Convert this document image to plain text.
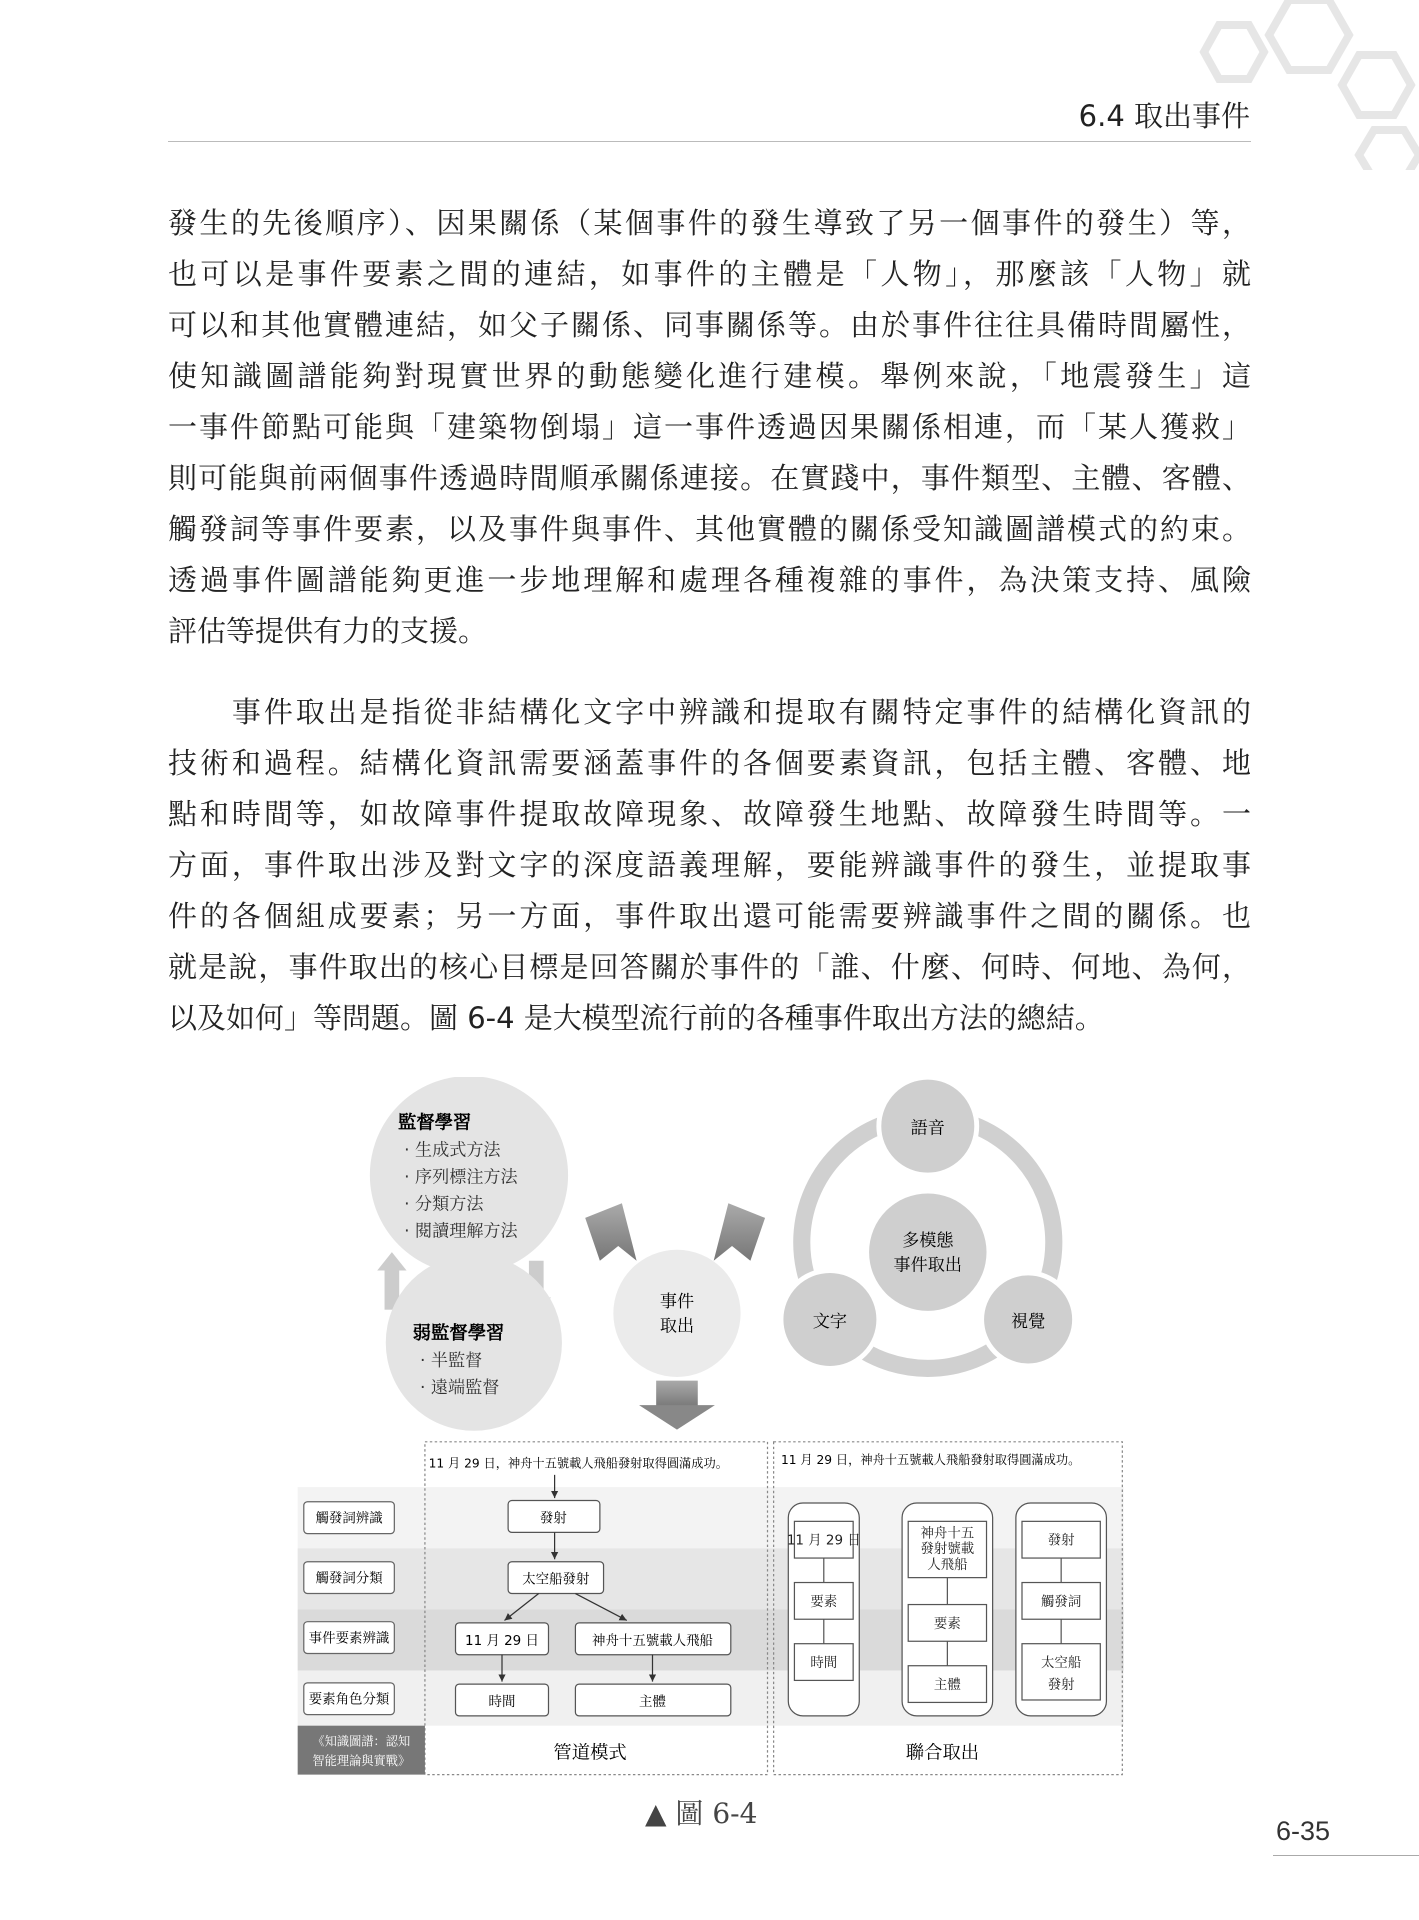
6.4 取出事件
發生的先後順序）、因果關係（某個事件的發生導致了另一個事件的發生）等，
也可以是事件要素之間的連結，如事件的主體是「人物」，那麼該「人物」就
可以和其他實體連結，如父子關係、同事關係等。由於事件往往具備時間屬性，
使知識圖譜能夠對現實世界的動態變化進行建模。舉例來說，「地震發生」這
一事件節點可能與「建築物倒塌」這一事件透過因果關係相連，而「某人獲救」
則可能與前兩個事件透過時間順承關係連接。在實踐中，事件類型、主體、客體、
觸發詞等事件要素，以及事件與事件、其他實體的關係受知識圖譜模式的約束。
透過事件圖譜能夠更進一步地理解和處理各種複雜的事件，為決策支持、風險
評估等提供有力的支援。
　　事件取出是指從非結構化文字中辨識和提取有關特定事件的結構化資訊的
技術和過程。結構化資訊需要涵蓋事件的各個要素資訊，包括主體、客體、地
點和時間等，如故障事件提取故障現象、故障發生地點、故障發生時間等。一
方面，事件取出涉及對文字的深度語義理解，要能辨識事件的發生，並提取事
件的各個組成要素；另一方面，事件取出還可能需要辨識事件之間的關係。也
就是說，事件取出的核心目標是回答關於事件的「誰、什麼、何時、何地、為何，
以及如何」等問題。圖 6-4 是大模型流行前的各種事件取出方法的總結。
監督學習
· 生成式方法
· 序列標注方法
· 分類方法
· 閱讀理解方法
弱監督學習
· 半監督
· 遠端監督
事件
取出
語音
多模態
事件取出
文字	視覺
11 月 29 日，神舟十五號載人飛船發射取得圓滿成功。	11 月 29 日，神舟十五號載人飛船發射取得圓滿成功。
觸發詞辨識
觸發詞分類
事件要素辨識
要素角色分類
《知識圖譜：認知
智能理論與實戰》
發射
太空船發射
11 月 29 日	神舟十五號載人飛船
時間	主體
管道模式
11 月 29 日
要素
時間
神舟十五
發射號載
人飛船
要素
主體
發射
觸發詞
太空船
發射
聯合取出
▲ 圖 6-4
6-35
